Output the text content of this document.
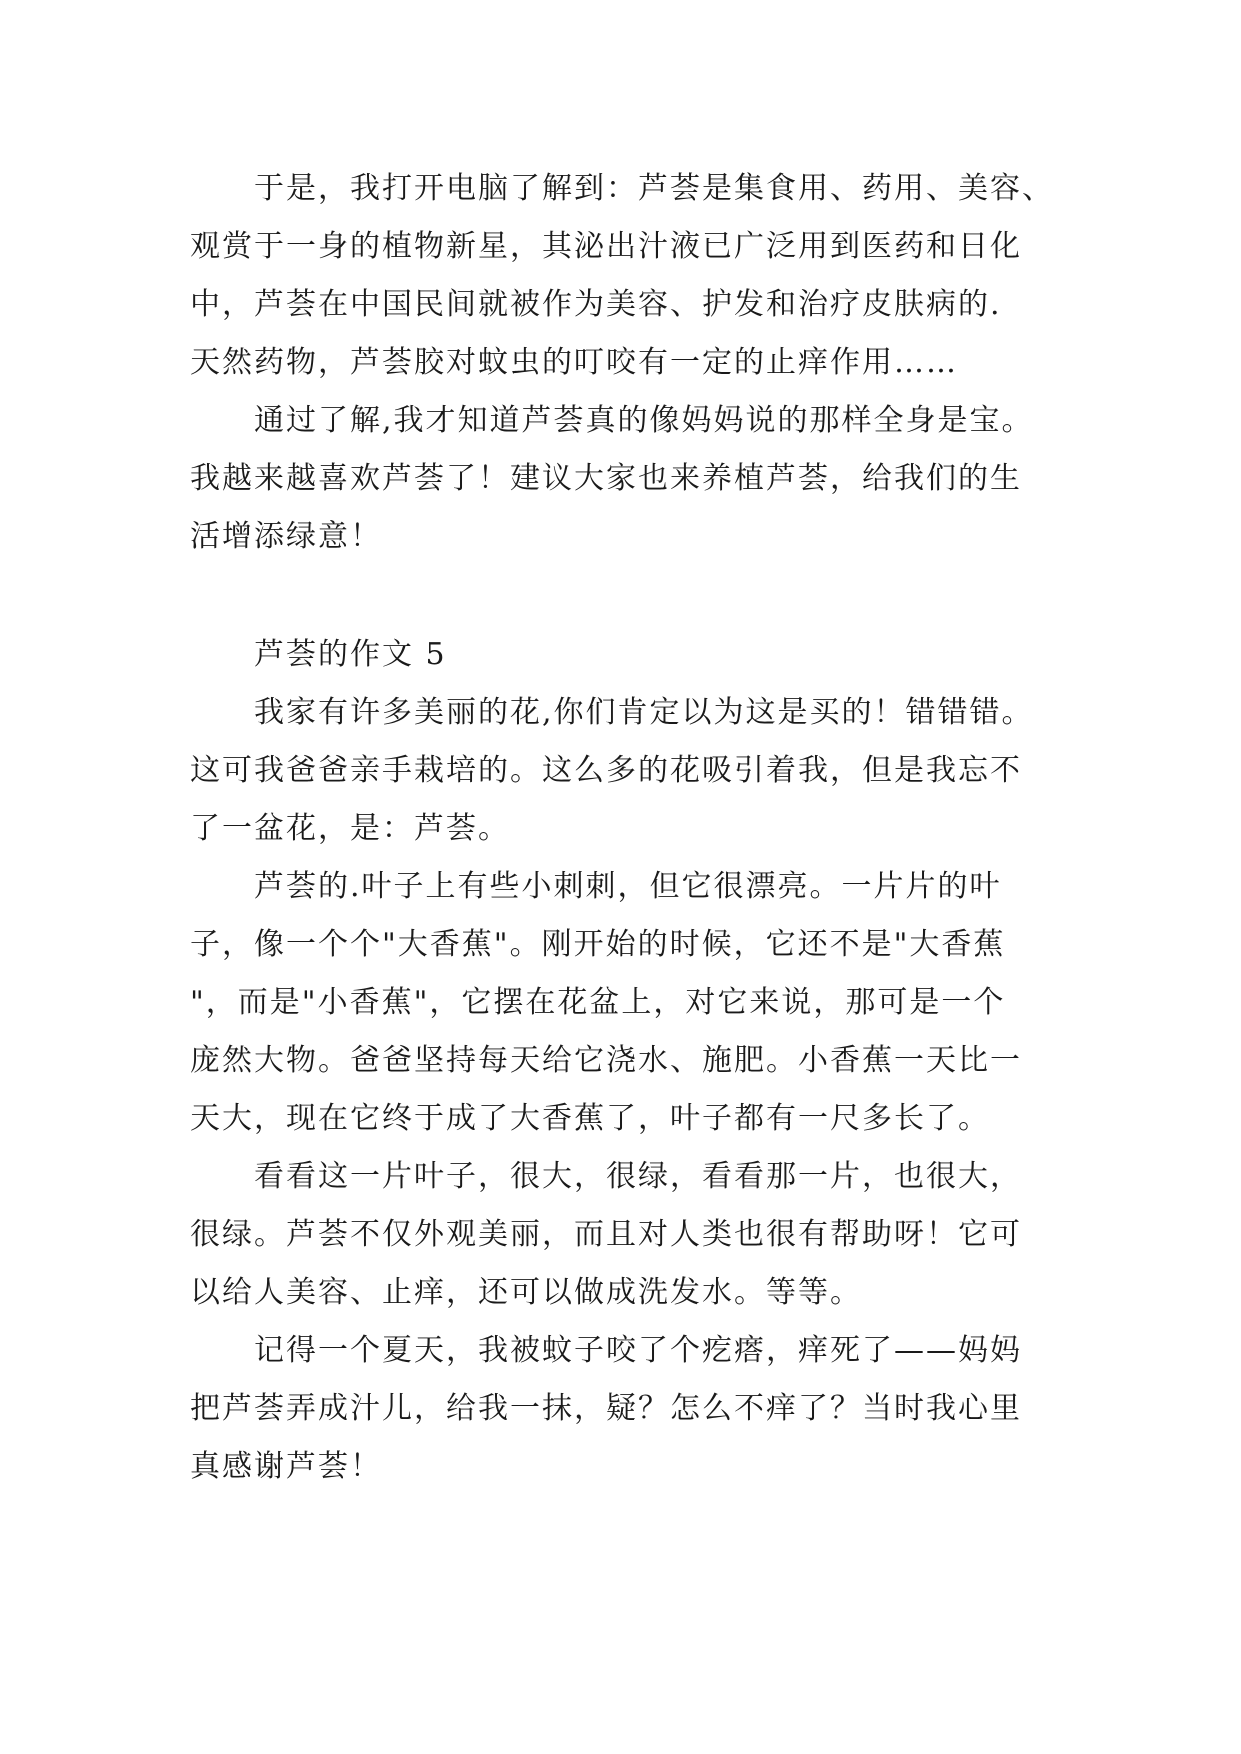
于是，我打开电脑了解到：芦荟是集食用、药用、美容、
观赏于一身的植物新星，其泌出汁液已广泛用到医药和日化
中，芦荟在中国民间就被作为美容、护发和治疗皮肤病的.
天然药物，芦荟胶对蚊虫的叮咬有一定的止痒作用……
通过了解,我才知道芦荟真的像妈妈说的那样全身是宝。
我越来越喜欢芦荟了！建议大家也来养植芦荟，给我们的生
活增添绿意！
芦荟的作文 5
我家有许多美丽的花,你们肯定以为这是买的！错错错。
这可我爸爸亲手栽培的。这么多的花吸引着我，但是我忘不
了一盆花，是：芦荟。
芦荟的.叶子上有些小刺刺，但它很漂亮。一片片的叶
子，像一个个"大香蕉"。刚开始的时候，它还不是"大香蕉
"，而是"小香蕉"，它摆在花盆上，对它来说，那可是一个
庞然大物。爸爸坚持每天给它浇水、施肥。小香蕉一天比一
天大，现在它终于成了大香蕉了，叶子都有一尺多长了。
看看这一片叶子，很大，很绿，看看那一片，也很大，
很绿。芦荟不仅外观美丽，而且对人类也很有帮助呀！它可
以给人美容、止痒，还可以做成洗发水。等等。
记得一个夏天，我被蚊子咬了个疙瘩，痒死了——妈妈
把芦荟弄成汁儿，给我一抹，疑？怎么不痒了？当时我心里
真感谢芦荟！
